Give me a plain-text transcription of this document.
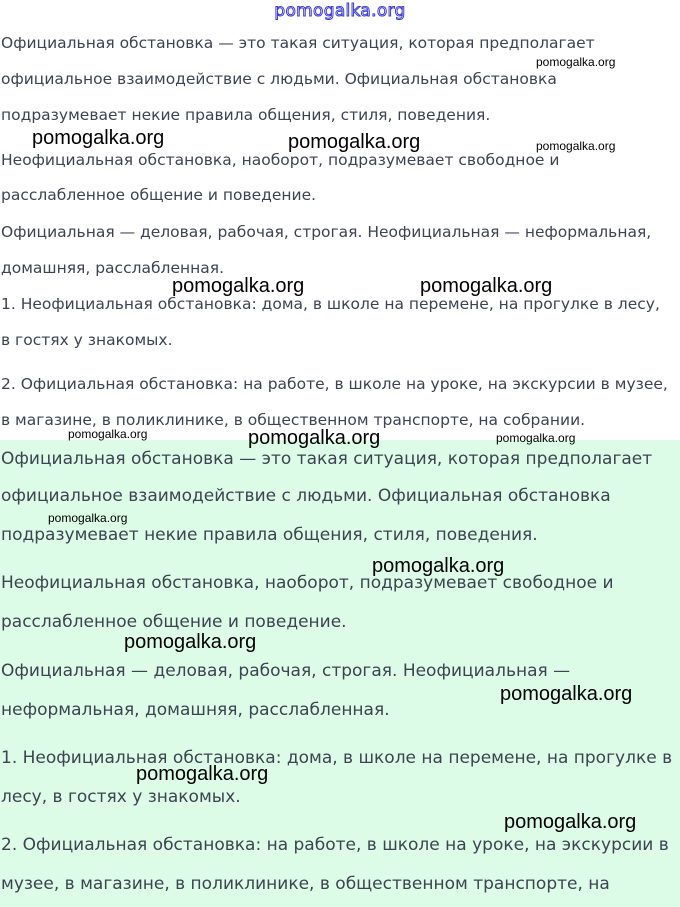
Официальная обстановка — это такая ситуация, которая предполагает
официальное взаимодействие с людьми. Официальная обстановка
подразумевает некие правила общения, стиля, поведения.
Неофициальная обстановка, наоборот, подразумевает свободное и
расслабленное общение и поведение.
Официальная — деловая, рабочая, строгая. Неофициальная — неформальная,
домашняя, расслабленная.
1. Неофициальная обстановка: дома, в школе на перемене, на прогулке в лесу,
в гостях у знакомых.
2. Официальная обстановка: на работе, в школе на уроке, на экскурсии в музее,
в магазине, в поликлинике, в общественном транспорте, на собрании.
Официальная обстановка — это такая ситуация, которая предполагает
официальное взаимодействие с людьми. Официальная обстановка
подразумевает некие правила общения, стиля, поведения.
Неофициальная обстановка, наоборот, подразумевает свободное и
расслабленное общение и поведение.
Официальная — деловая, рабочая, строгая. Неофициальная —
неформальная, домашняя, расслабленная.
1. Неофициальная обстановка: дома, в школе на перемене, на прогулке в
лесу, в гостях у знакомых.
2. Официальная обстановка: на работе, в школе на уроке, на экскурсии в
музее, в магазине, в поликлинике, в общественном транспорте, на
pomogalka.org
pomogalka.org
pomogalka.org	pomogalka.org	pomogalka.org
pomogalka.org	pomogalka.org
pomogalka.org	pomogalka.org	pomogalka.org
pomogalka.org
pomogalka.org
pomogalka.org
pomogalka.org
pomogalka.org
pomogalka.org
